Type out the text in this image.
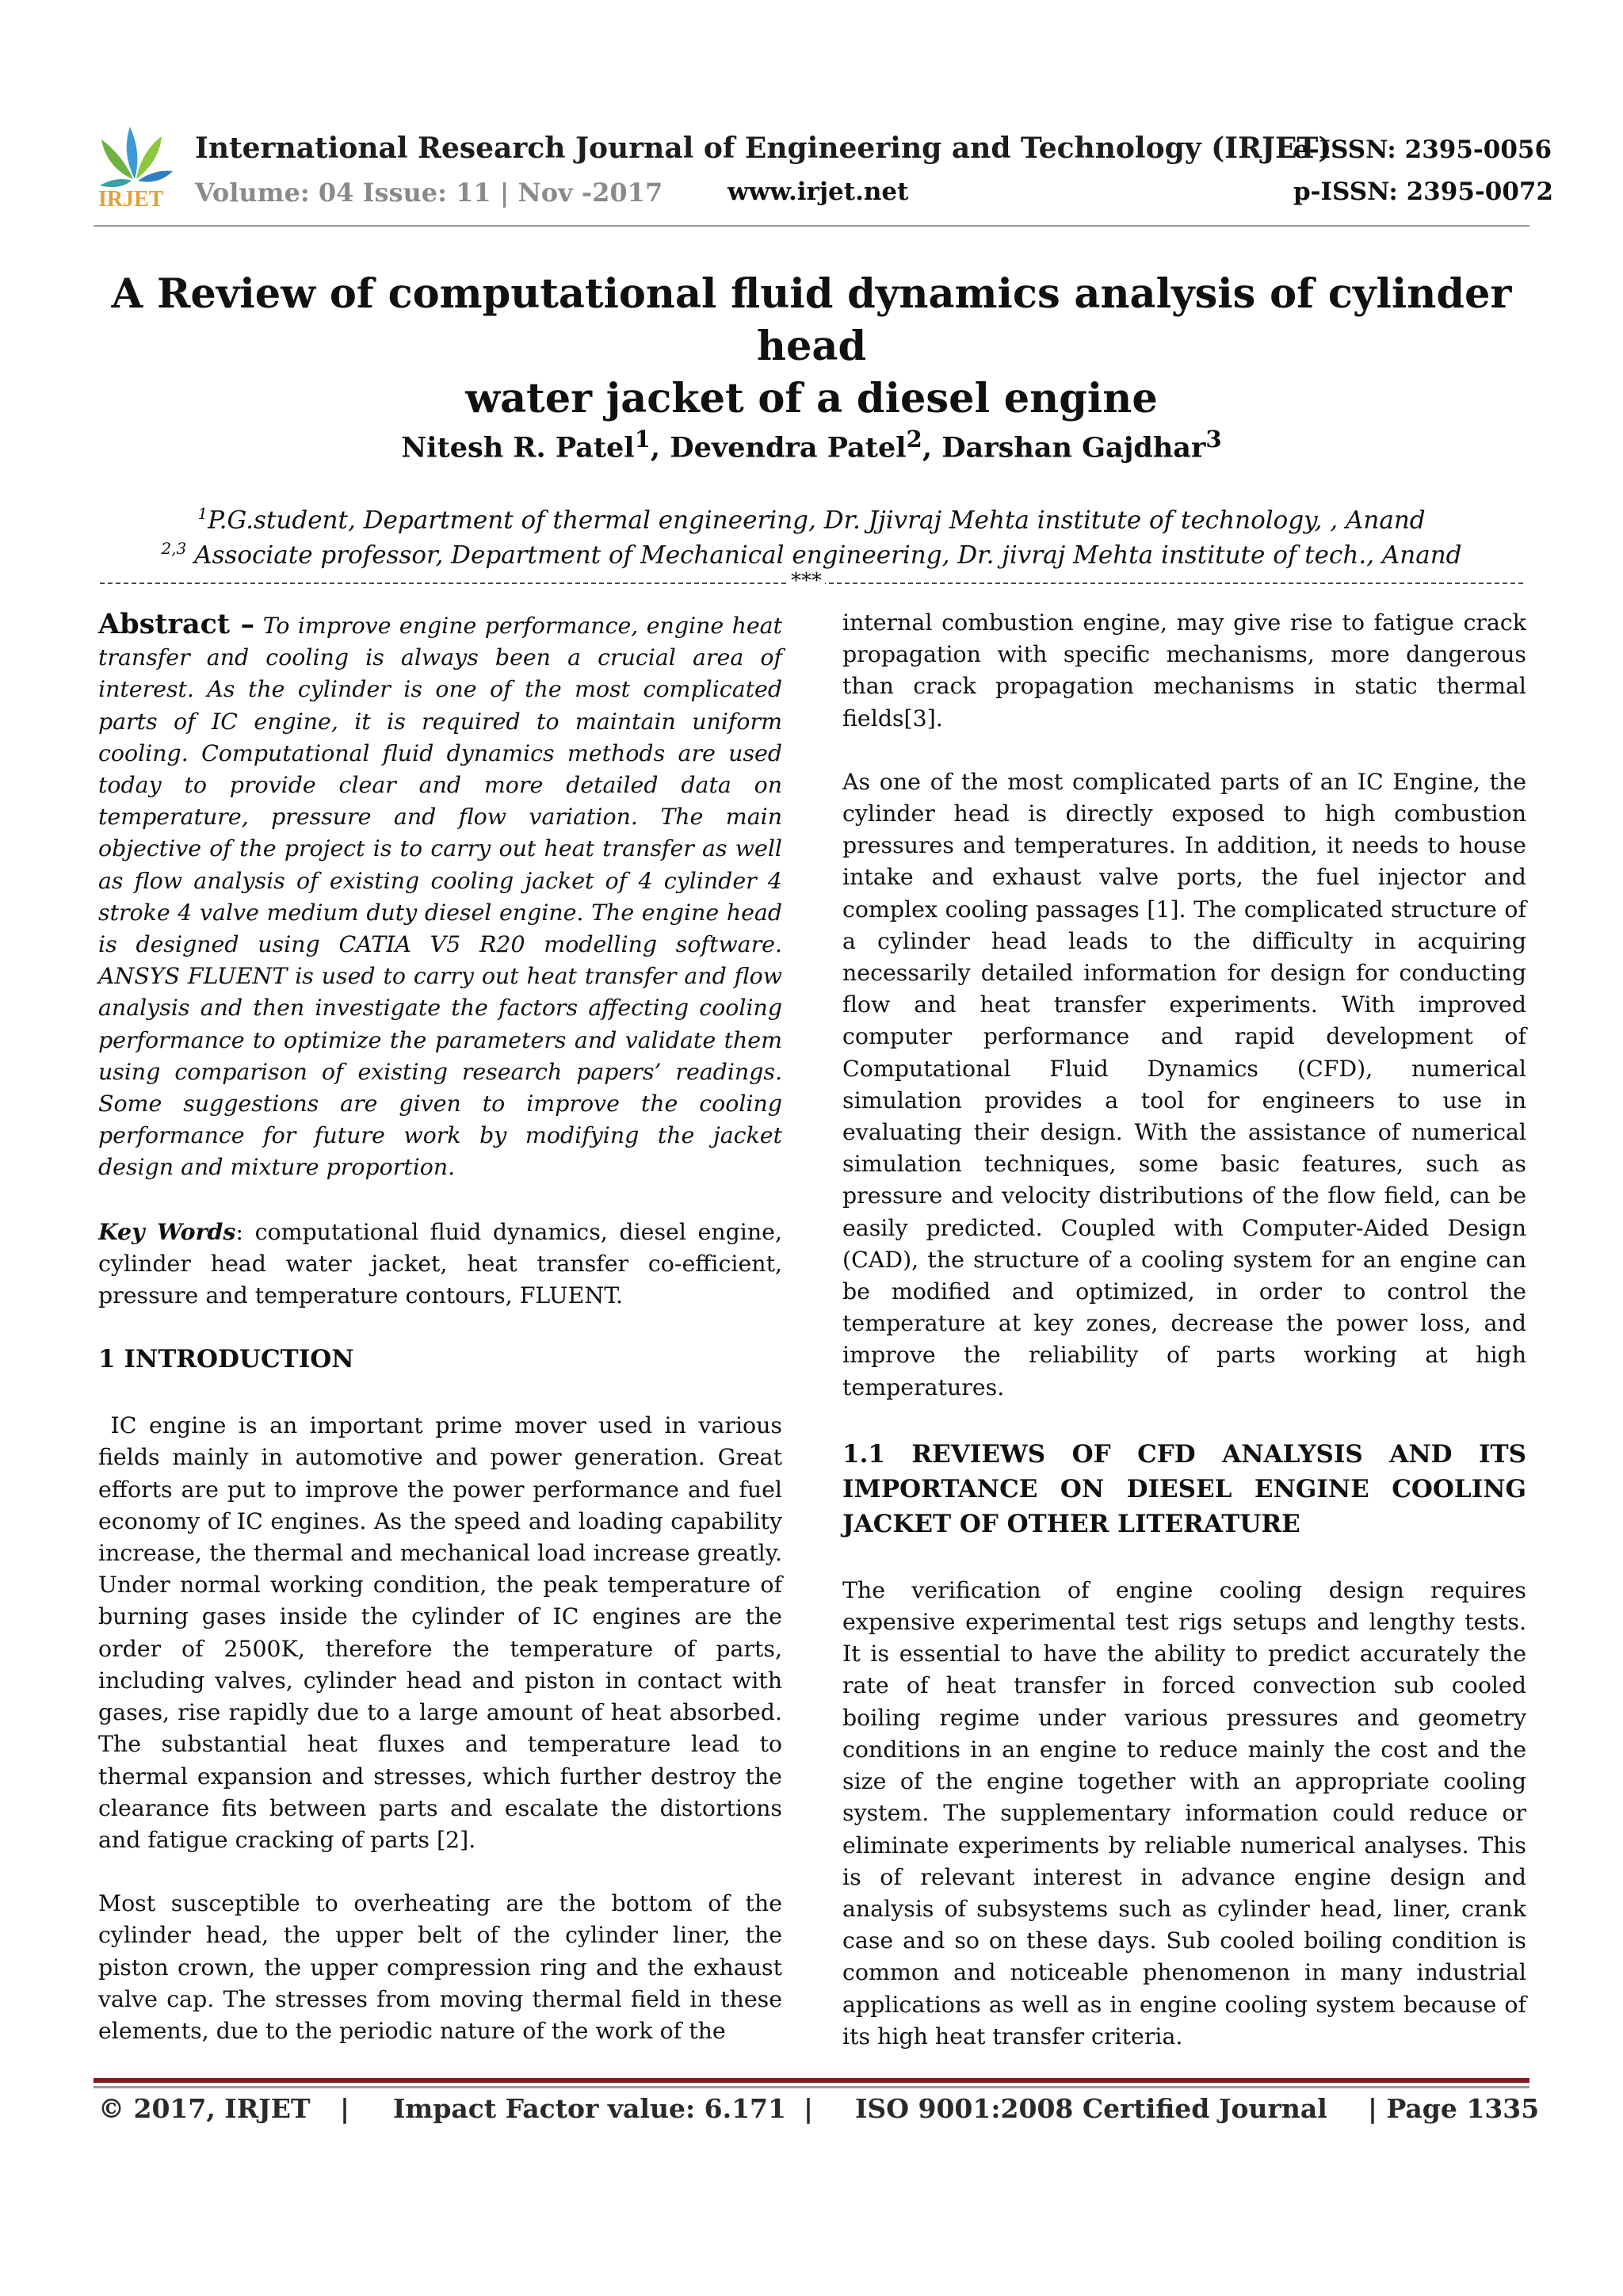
IRJET
International Research Journal of Engineering and Technology (IRJET)
e-ISSN: 2395-0056
Volume: 04 Issue: 11 | Nov -2017	www.irjet.net	p-ISSN: 2395-0072
A Review of computational fluid dynamics analysis of cylinder head
water jacket of a diesel engine
Nitesh R. Patel$^1$, Devendra Patel$^2$, Darshan Gajdhar$^3$
$^1$P.G.student, Department of thermal engineering, Dr. Jjivraj Mehta institute of technology, , Anand
$^{2,3}$ Associate professor, Department of Mechanical engineering, Dr. jivraj Mehta institute of tech., Anand
***

Abstract – To improve engine performance, engine heat transfer and cooling is always been a crucial area of interest. As the cylinder is one of the most complicated parts of IC engine, it is required to maintain uniform cooling. Computational fluid dynamics methods are used today to provide clear and more detailed data on temperature, pressure and flow variation. The main objective of the project is to carry out heat transfer as well as flow analysis of existing cooling jacket of 4 cylinder 4 stroke 4 valve medium duty diesel engine. The engine head is designed using CATIA V5 R20 modelling software. ANSYS FLUENT is used to carry out heat transfer and flow analysis and then investigate the factors affecting cooling performance to optimize the parameters and validate them using comparison of existing research papers’ readings. Some suggestions are given to improve the cooling performance for future work by modifying the jacket design and mixture proportion.

Key Words: computational fluid dynamics, diesel engine, cylinder head water jacket, heat transfer co-efficient, pressure and temperature contours, FLUENT.

1 INTRODUCTION

IC engine is an important prime mover used in various fields mainly in automotive and power generation. Great efforts are put to improve the power performance and fuel economy of IC engines. As the speed and loading capability increase, the thermal and mechanical load increase greatly. Under normal working condition, the peak temperature of burning gases inside the cylinder of IC engines are the order of 2500K, therefore the temperature of parts, including valves, cylinder head and piston in contact with gases, rise rapidly due to a large amount of heat absorbed. The substantial heat fluxes and temperature lead to thermal expansion and stresses, which further destroy the clearance fits between parts and escalate the distortions and fatigue cracking of parts [2].

Most susceptible to overheating are the bottom of the cylinder head, the upper belt of the cylinder liner, the piston crown, the upper compression ring and the exhaust valve cap. The stresses from moving thermal field in these elements, due to the periodic nature of the work of the

internal combustion engine, may give rise to fatigue crack propagation with specific mechanisms, more dangerous than crack propagation mechanisms in static thermal fields[3].

As one of the most complicated parts of an IC Engine, the cylinder head is directly exposed to high combustion pressures and temperatures. In addition, it needs to house intake and exhaust valve ports, the fuel injector and complex cooling passages [1]. The complicated structure of a cylinder head leads to the difficulty in acquiring necessarily detailed information for design for conducting flow and heat transfer experiments. With improved computer performance and rapid development of Computational Fluid Dynamics (CFD), numerical simulation provides a tool for engineers to use in evaluating their design. With the assistance of numerical simulation techniques, some basic features, such as pressure and velocity distributions of the flow field, can be easily predicted. Coupled with Computer-Aided Design (CAD), the structure of a cooling system for an engine can be modified and optimized, in order to control the temperature at key zones, decrease the power loss, and improve the reliability of parts working at high temperatures.

1.1 REVIEWS OF CFD ANALYSIS AND ITS IMPORTANCE ON DIESEL ENGINE COOLING JACKET OF OTHER LITERATURE

The verification of engine cooling design requires expensive experimental test rigs setups and lengthy tests. It is essential to have the ability to predict accurately the rate of heat transfer in forced convection sub cooled boiling regime under various pressures and geometry conditions in an engine to reduce mainly the cost and the size of the engine together with an appropriate cooling system. The supplementary information could reduce or eliminate experiments by reliable numerical analyses. This is of relevant interest in advance engine design and analysis of subsystems such as cylinder head, liner, crank case and so on these days. Sub cooled boiling condition is common and noticeable phenomenon in many industrial applications as well as in engine cooling system because of its high heat transfer criteria.

© 2017, IRJET | Impact Factor value: 6.171 | ISO 9001:2008 Certified Journal | Page 1335
